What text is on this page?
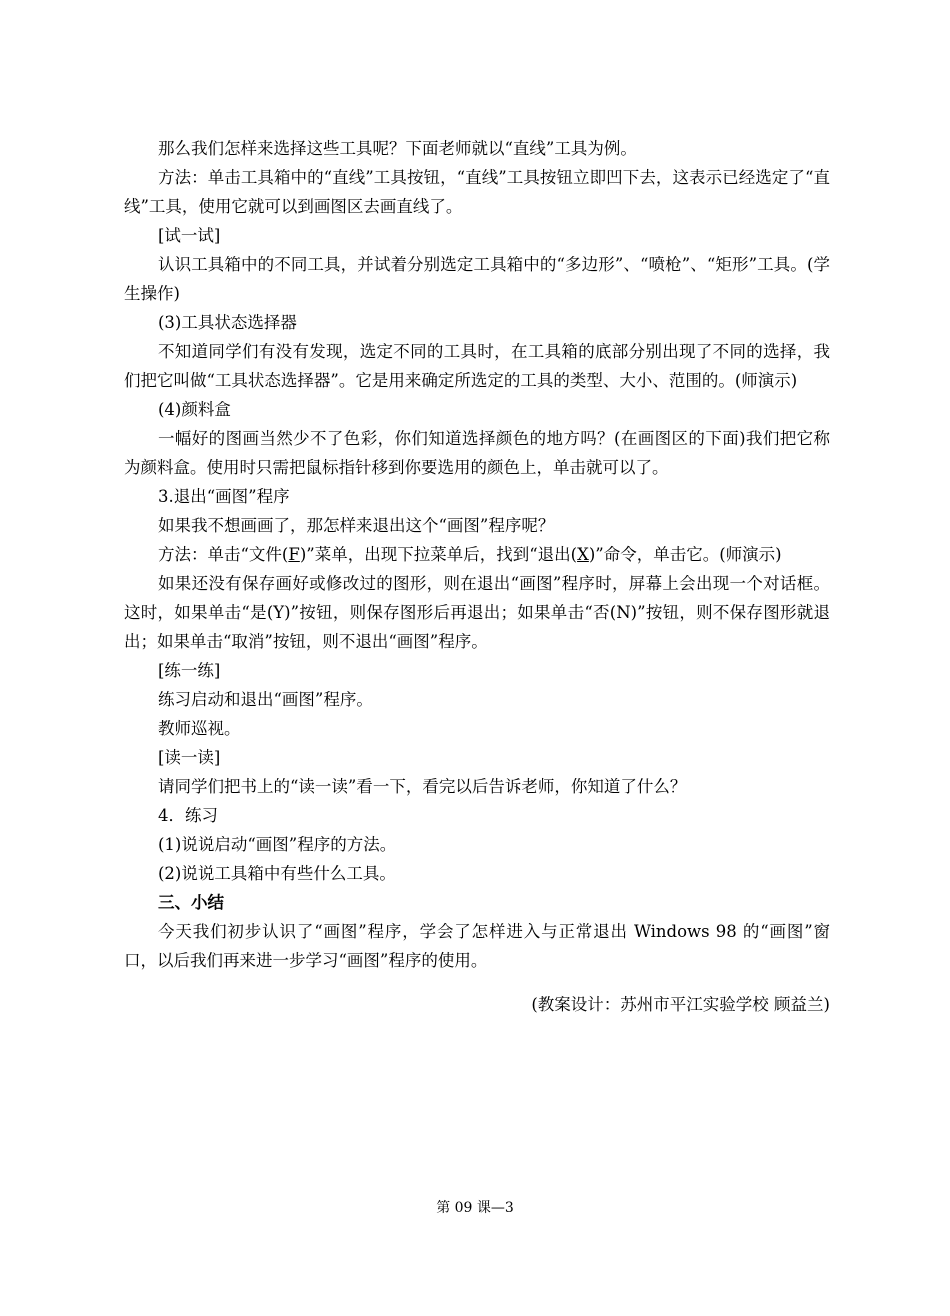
那么我们怎样来选择这些工具呢？下面老师就以“直线”工具为例。

方法：单击工具箱中的“直线”工具按钮，“直线”工具按钮立即凹下去，这表示已经选定了“直线”工具，使用它就可以到画图区去画直线了。

[试一试]

认识工具箱中的不同工具，并试着分别选定工具箱中的“多边形”、“喷枪”、“矩形”工具。(学生操作)

(3)工具状态选择器

不知道同学们有没有发现，选定不同的工具时，在工具箱的底部分别出现了不同的选择，我们把它叫做“工具状态选择器”。它是用来确定所选定的工具的类型、大小、范围的。(师演示)

(4)颜料盒

一幅好的图画当然少不了色彩，你们知道选择颜色的地方吗？(在画图区的下面)我们把它称为颜料盒。使用时只需把鼠标指针移到你要选用的颜色上，单击就可以了。

3.退出“画图”程序

如果我不想画画了，那怎样来退出这个“画图”程序呢？

方法：单击“文件(F)”菜单，出现下拉菜单后，找到“退出(X)”命令，单击它。(师演示)

如果还没有保存画好或修改过的图形，则在退出“画图”程序时，屏幕上会出现一个对话框。这时，如果单击“是(Y)”按钮，则保存图形后再退出；如果单击“否(N)”按钮，则不保存图形就退出；如果单击“取消”按钮，则不退出“画图”程序。

[练一练]

练习启动和退出“画图”程序。

教师巡视。

[读一读]

请同学们把书上的“读一读”看一下，看完以后告诉老师，你知道了什么？

4．练习

(1)说说启动“画图”程序的方法。

(2)说说工具箱中有些什么工具。

三、小结

今天我们初步认识了“画图”程序，学会了怎样进入与正常退出 Windows 98 的“画图”窗口，以后我们再来进一步学习“画图”程序的使用。

(教案设计：苏州市平江实验学校 顾益兰)
第 09 课—3
